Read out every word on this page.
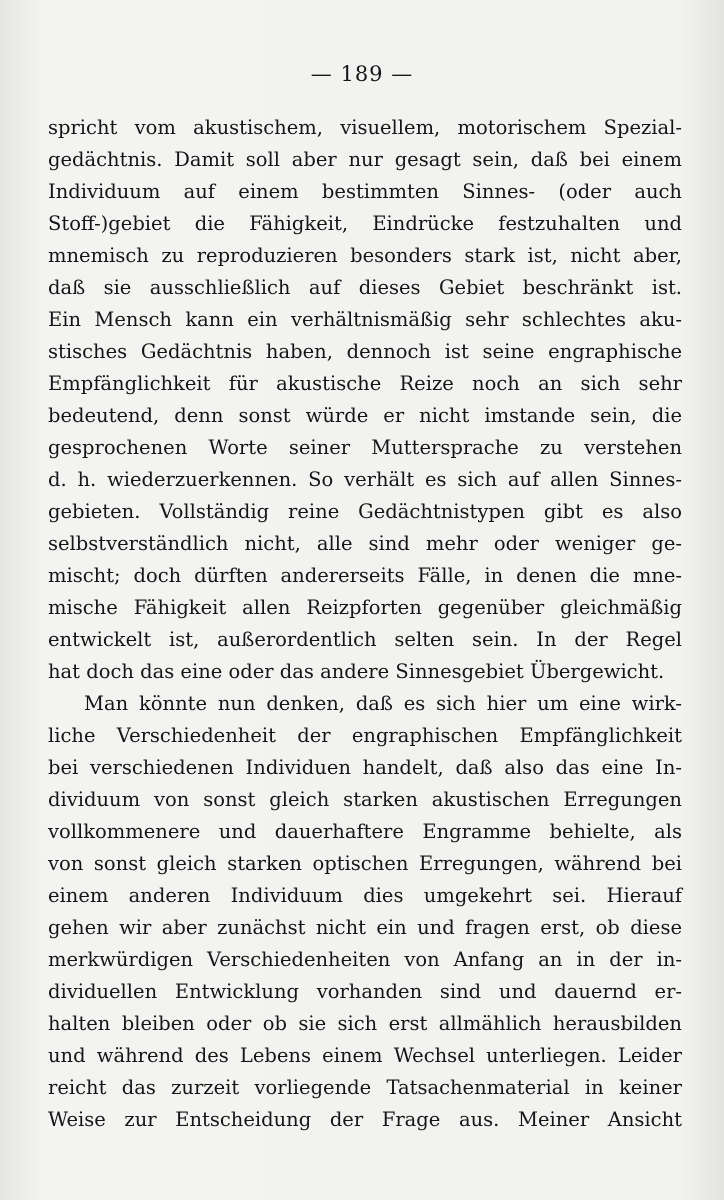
— 189 —
spricht vom akustischem, visuellem, motorischem Spezial-
gedächtnis. Damit soll aber nur gesagt sein, daß bei einem
Individuum auf einem bestimmten Sinnes- (oder auch
Stoff-)gebiet die Fähigkeit, Eindrücke festzuhalten und
mnemisch zu reproduzieren besonders stark ist, nicht aber,
daß sie ausschließlich auf dieses Gebiet beschränkt ist.
Ein Mensch kann ein verhältnismäßig sehr schlechtes aku-
stisches Gedächtnis haben, dennoch ist seine engraphische
Empfänglichkeit für akustische Reize noch an sich sehr
bedeutend, denn sonst würde er nicht imstande sein, die
gesprochenen Worte seiner Muttersprache zu verstehen
d. h. wiederzuerkennen. So verhält es sich auf allen Sinnes-
gebieten. Vollständig reine Gedächtnistypen gibt es also
selbstverständlich nicht, alle sind mehr oder weniger ge-
mischt; doch dürften andererseits Fälle, in denen die mne-
mische Fähigkeit allen Reizpforten gegenüber gleichmäßig
entwickelt ist, außerordentlich selten sein. In der Regel
hat doch das eine oder das andere Sinnesgebiet Übergewicht.
Man könnte nun denken, daß es sich hier um eine wirk-
liche Verschiedenheit der engraphischen Empfänglichkeit
bei verschiedenen Individuen handelt, daß also das eine In-
dividuum von sonst gleich starken akustischen Erregungen
vollkommenere und dauerhaftere Engramme behielte, als
von sonst gleich starken optischen Erregungen, während bei
einem anderen Individuum dies umgekehrt sei. Hierauf
gehen wir aber zunächst nicht ein und fragen erst, ob diese
merkwürdigen Verschiedenheiten von Anfang an in der in-
dividuellen Entwicklung vorhanden sind und dauernd er-
halten bleiben oder ob sie sich erst allmählich herausbilden
und während des Lebens einem Wechsel unterliegen. Leider
reicht das zurzeit vorliegende Tatsachenmaterial in keiner
Weise zur Entscheidung der Frage aus. Meiner Ansicht
